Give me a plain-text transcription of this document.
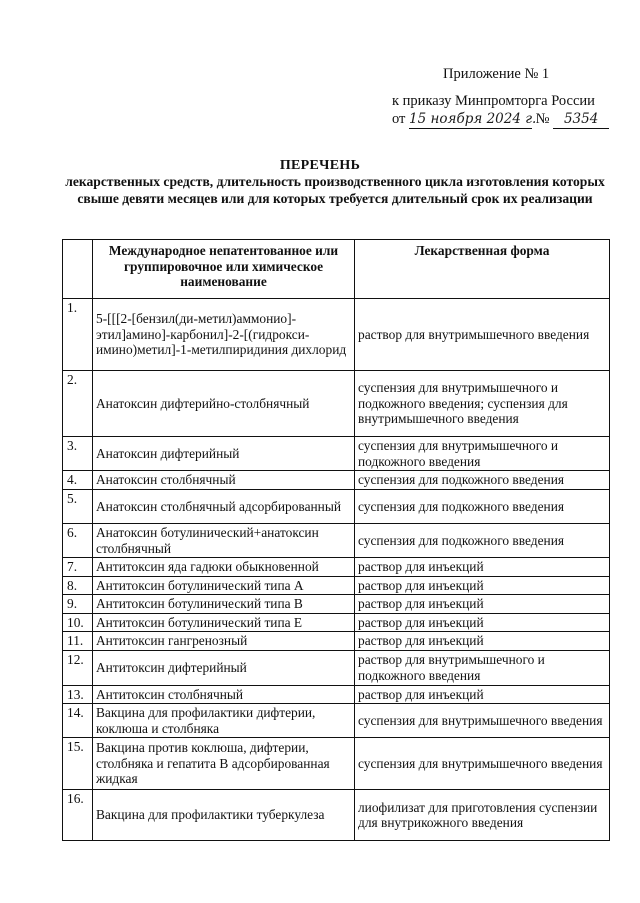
Приложение № 1
к приказу Минпромторга России
от 15 ноября 2024 г. № 5354
ПЕРЕЧЕНЬ
лекарственных средств, длительность производственного цикла изготовления которых свыше девяти месяцев или для которых требуется длительный срок их реализации
	Международное непатентованное или группировочное или химическое наименование	Лекарственная форма
1.	5-[[[2-[бензил(ди-метил)аммонио]-этил]амино]-карбонил]-2-[(гидрокси-имино)метил]-1-метилпиридиния дихлорид	раствор для внутримышечного введения
2.	Анатоксин дифтерийно-столбнячный	суспензия для внутримышечного и подкожного введения; суспензия для внутримышечного введения
3.	Анатоксин дифтерийный	суспензия для внутримышечного и подкожного введения
4.	Анатоксин столбнячный	суспензия для подкожного введения
5.	Анатоксин столбнячный адсорбированный	суспензия для подкожного введения
6.	Анатоксин ботулинический+анатоксин столбнячный	суспензия для подкожного введения
7.	Антитоксин яда гадюки обыкновенной	раствор для инъекций
8.	Антитоксин ботулинический типа А	раствор для инъекций
9.	Антитоксин ботулинический типа В	раствор для инъекций
10.	Антитоксин ботулинический типа Е	раствор для инъекций
11.	Антитоксин гангренозный	раствор для инъекций
12.	Антитоксин дифтерийный	раствор для внутримышечного и подкожного введения
13.	Антитоксин столбнячный	раствор для инъекций
14.	Вакцина для профилактики дифтерии, коклюша и столбняка	суспензия для внутримышечного введения
15.	Вакцина против коклюша, дифтерии, столбняка и гепатита В адсорбированная жидкая	суспензия для внутримышечного введения
16.	Вакцина для профилактики туберкулеза	лиофилизат для приготовления суспензии для внутрикожного введения
